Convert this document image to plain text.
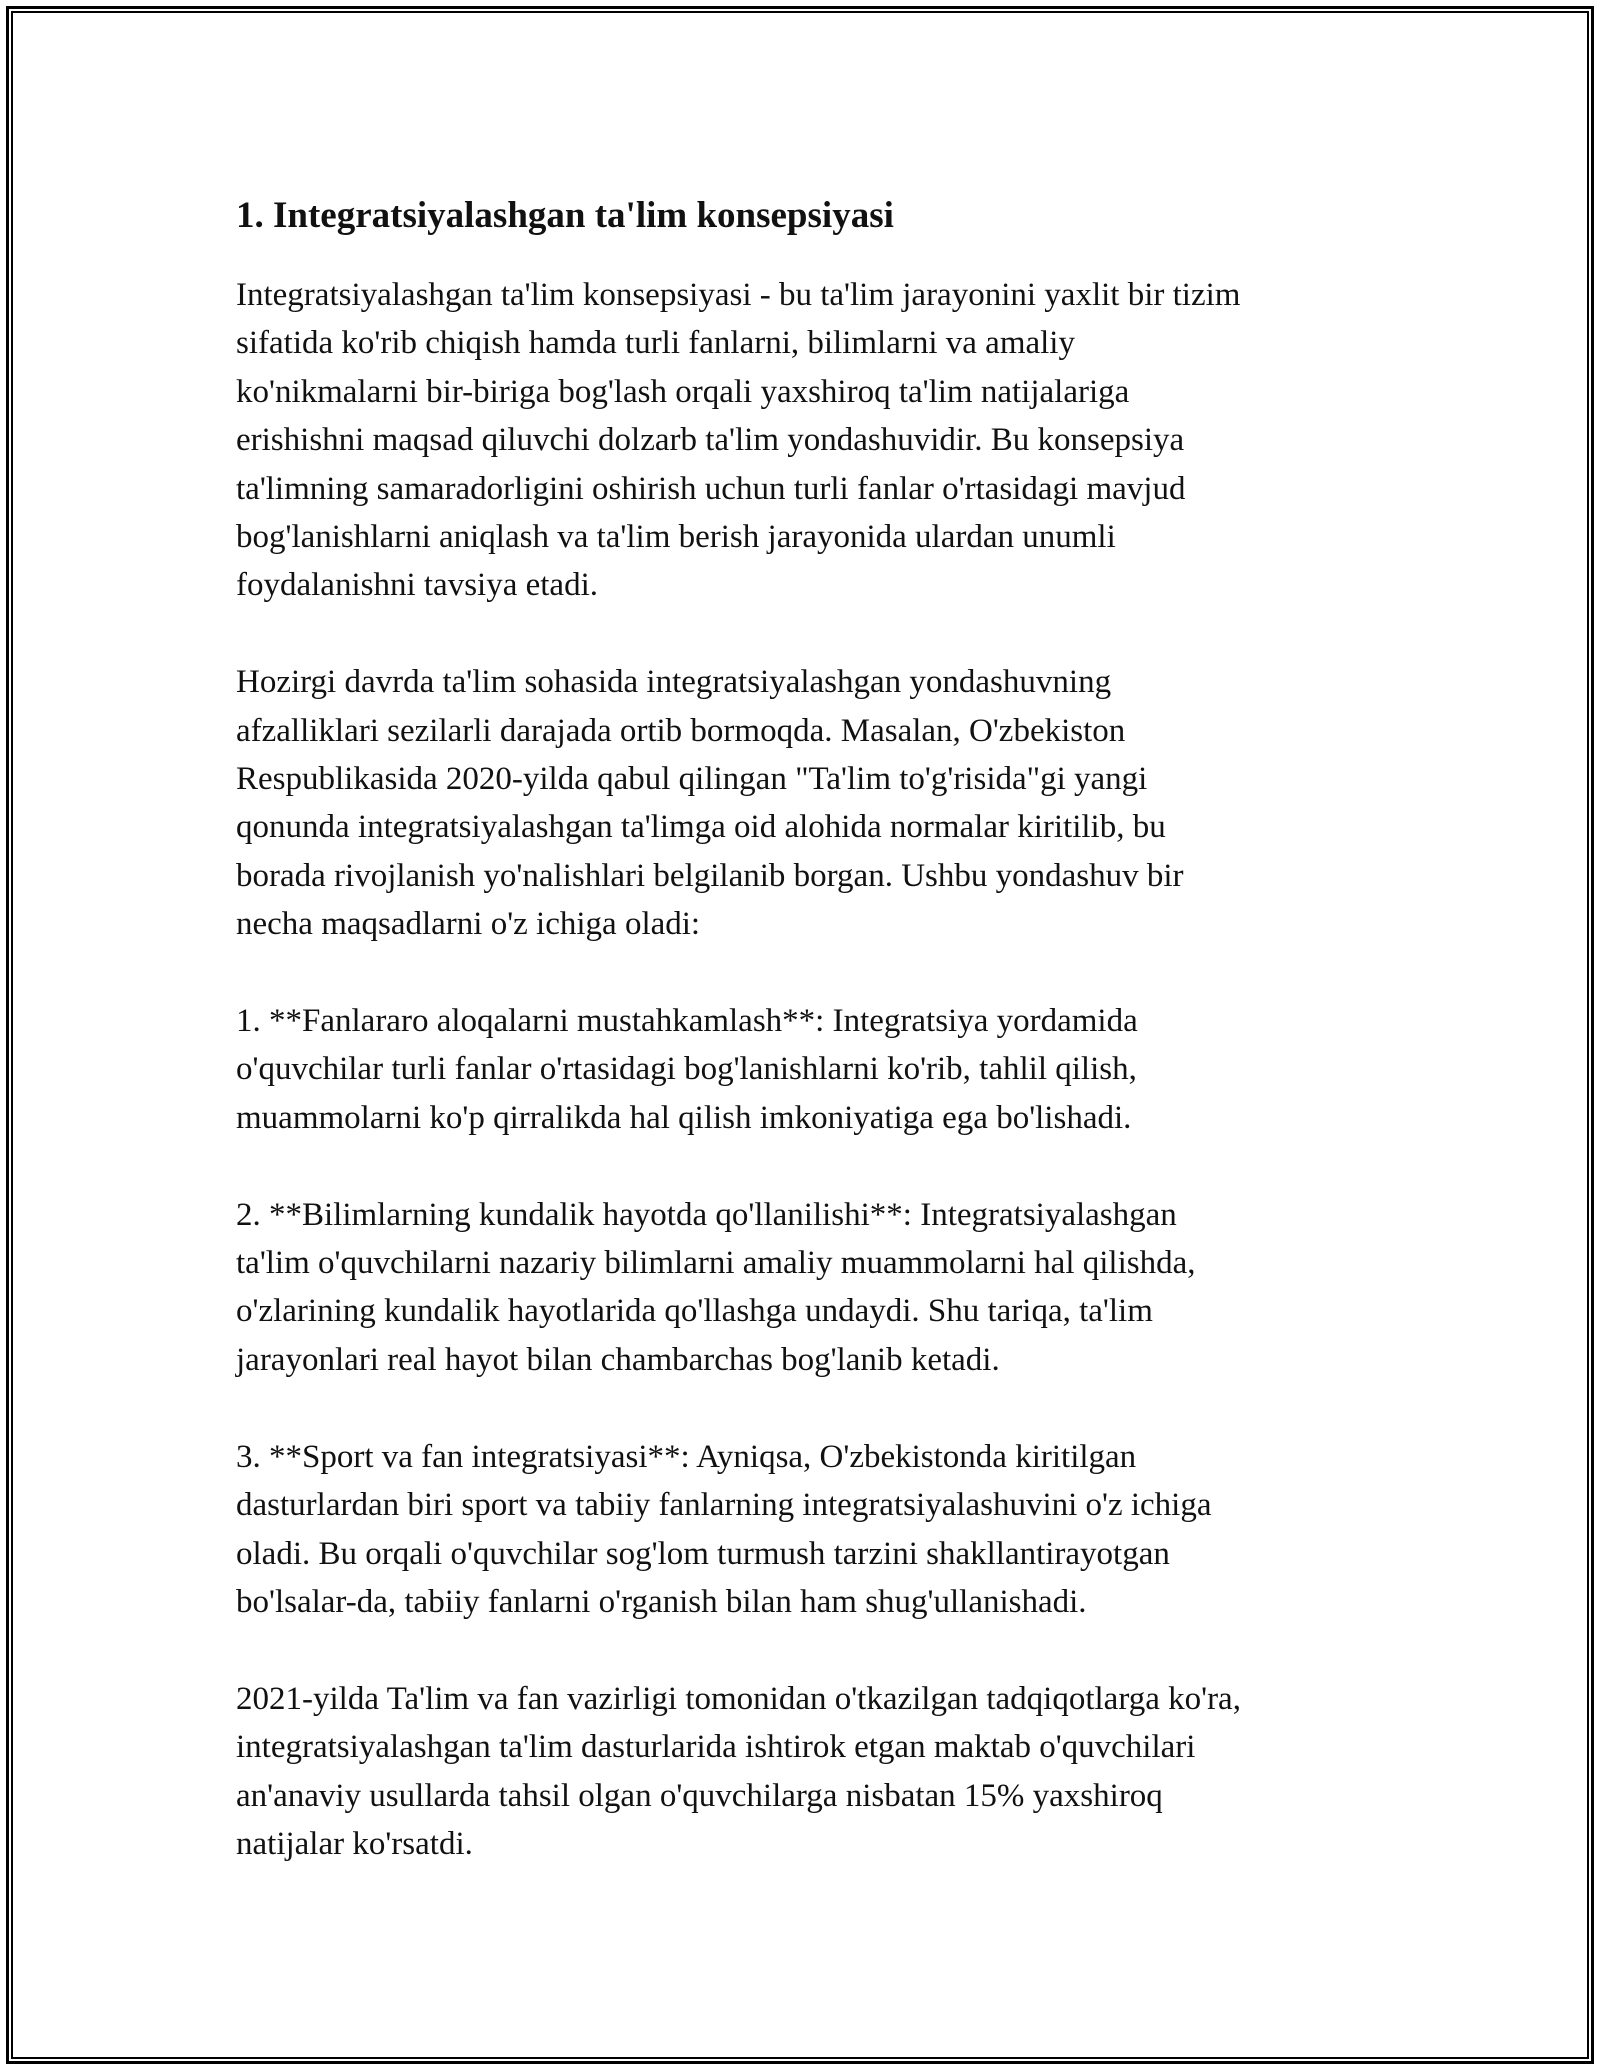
1. Integratsiyalashgan ta'lim konsepsiyasi

Integratsiyalashgan ta'lim konsepsiyasi - bu ta'lim jarayonini yaxlit bir tizim
sifatida ko'rib chiqish hamda turli fanlarni, bilimlarni va amaliy
ko'nikmalarni bir-biriga bog'lash orqali yaxshiroq ta'lim natijalariga
erishishni maqsad qiluvchi dolzarb ta'lim yondashuvidir. Bu konsepsiya
ta'limning samaradorligini oshirish uchun turli fanlar o'rtasidagi mavjud
bog'lanishlarni aniqlash va ta'lim berish jarayonida ulardan unumli
foydalanishni tavsiya etadi.

Hozirgi davrda ta'lim sohasida integratsiyalashgan yondashuvning
afzalliklari sezilarli darajada ortib bormoqda. Masalan, O'zbekiston
Respublikasida 2020-yilda qabul qilingan "Ta'lim to'g'risida"gi yangi
qonunda integratsiyalashgan ta'limga oid alohida normalar kiritilib, bu
borada rivojlanish yo'nalishlari belgilanib borgan. Ushbu yondashuv bir
necha maqsadlarni o'z ichiga oladi:

1. **Fanlararo aloqalarni mustahkamlash**: Integratsiya yordamida
o'quvchilar turli fanlar o'rtasidagi bog'lanishlarni ko'rib, tahlil qilish,
muammolarni ko'p qirralikda hal qilish imkoniyatiga ega bo'lishadi.

2. **Bilimlarning kundalik hayotda qo'llanilishi**: Integratsiyalashgan
ta'lim o'quvchilarni nazariy bilimlarni amaliy muammolarni hal qilishda,
o'zlarining kundalik hayotlarida qo'llashga undaydi. Shu tariqa, ta'lim
jarayonlari real hayot bilan chambarchas bog'lanib ketadi.

3. **Sport va fan integratsiyasi**: Ayniqsa, O'zbekistonda kiritilgan
dasturlardan biri sport va tabiiy fanlarning integratsiyalashuvini o'z ichiga
oladi. Bu orqali o'quvchilar sog'lom turmush tarzini shakllantirayotgan
bo'lsalar-da, tabiiy fanlarni o'rganish bilan ham shug'ullanishadi.

2021-yilda Ta'lim va fan vazirligi tomonidan o'tkazilgan tadqiqotlarga ko'ra,
integratsiyalashgan ta'lim dasturlarida ishtirok etgan maktab o'quvchilari
an'anaviy usullarda tahsil olgan o'quvchilarga nisbatan 15% yaxshiroq
natijalar ko'rsatdi.
